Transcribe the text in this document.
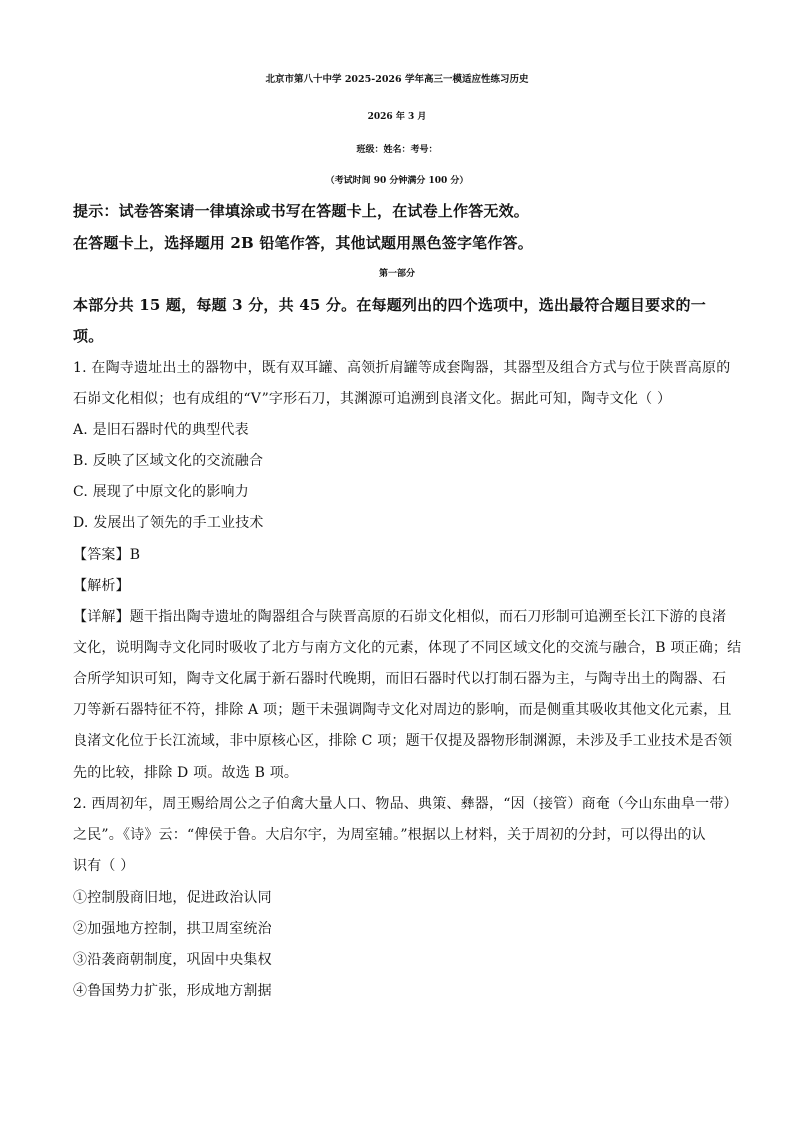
北京市第八十中学 2025-2026 学年高三一模适应性练习历史
2026 年 3 月
班级：姓名：考号：
（考试时间 90 分钟满分 100 分）
提示：试卷答案请一律填涂或书写在答题卡上，在试卷上作答无效。
在答题卡上，选择题用 2B 铅笔作答，其他试题用黑色签字笔作答。
第一部分
本部分共 15 题，每题 3 分，共 45 分。在每题列出的四个选项中，选出最符合题目要求的一
项。
1. 在陶寺遗址出土的器物中，既有双耳罐、高领折肩罐等成套陶器，其器型及组合方式与位于陕晋高原的
石峁文化相似；也有成组的“V”字形石刀，其渊源可追溯到良渚文化。据此可知，陶寺文化（ ）
A. 是旧石器时代的典型代表
B. 反映了区域文化的交流融合
C. 展现了中原文化的影响力
D. 发展出了领先的手工业技术
【答案】B
【解析】
【详解】题干指出陶寺遗址的陶器组合与陕晋高原的石峁文化相似，而石刀形制可追溯至长江下游的良渚
文化，说明陶寺文化同时吸收了北方与南方文化的元素，体现了不同区域文化的交流与融合，B 项正确；结
合所学知识可知，陶寺文化属于新石器时代晚期，而旧石器时代以打制石器为主，与陶寺出土的陶器、石
刀等新石器特征不符，排除 A 项；题干未强调陶寺文化对周边的影响，而是侧重其吸收其他文化元素，且
良渚文化位于长江流域，非中原核心区，排除 C 项；题干仅提及器物形制渊源，未涉及手工业技术是否领
先的比较，排除 D 项。故选 B 项。
2. 西周初年，周王赐给周公之子伯禽大量人口、物品、典策、彝器，“因（接管）商奄（今山东曲阜一带）
之民”。《诗》云：“俾侯于鲁。大启尔宇，为周室辅。”根据以上材料，关于周初的分封，可以得出的认
识有（ ）
①控制殷商旧地，促进政治认同
②加强地方控制，拱卫周室统治
③沿袭商朝制度，巩固中央集权
④鲁国势力扩张，形成地方割据
